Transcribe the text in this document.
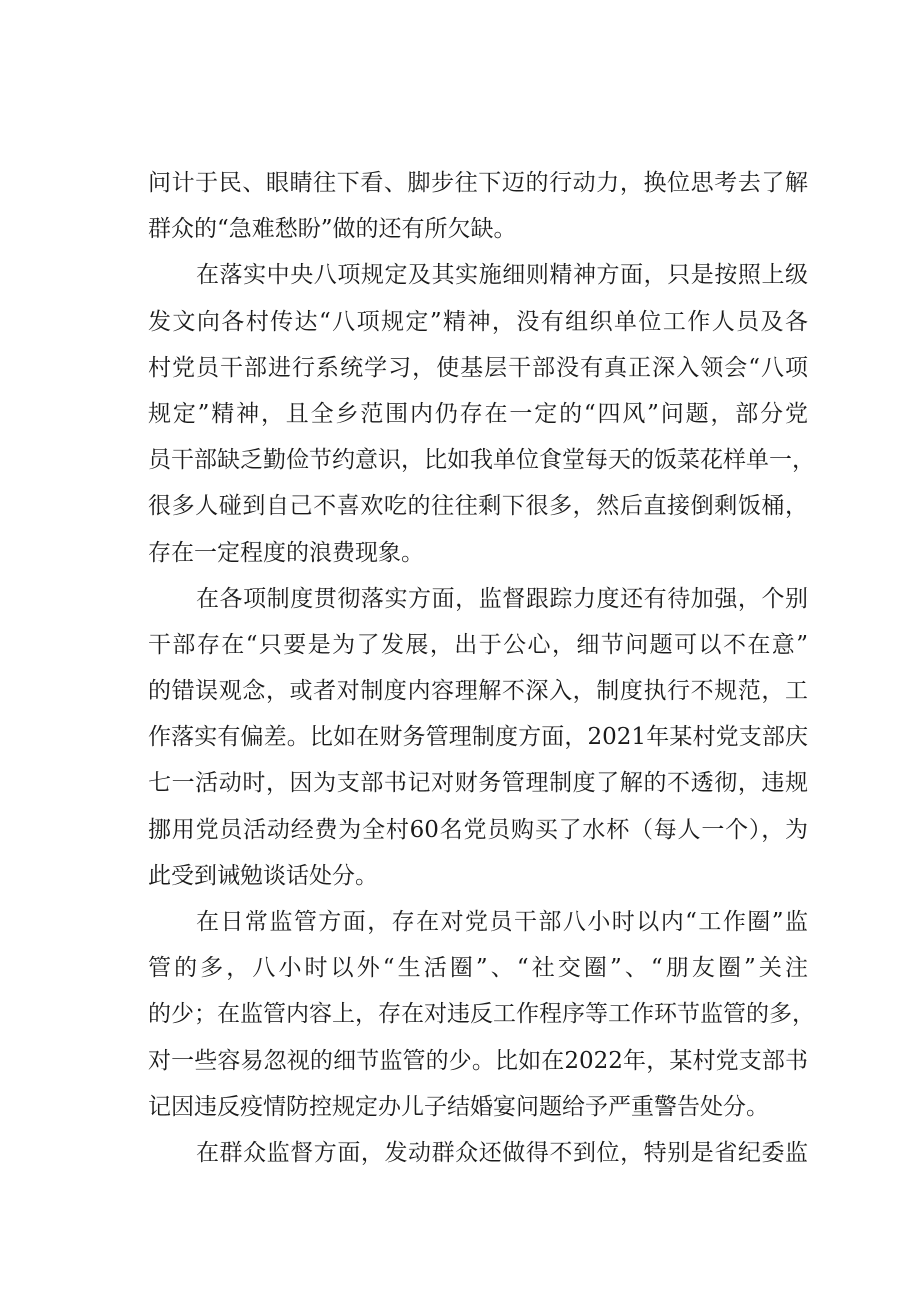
问计于民、眼睛往下看、脚步往下迈的行动力，换位思考去了解
群众的“急难愁盼”做的还有所欠缺。
在落实中央八项规定及其实施细则精神方面，只是按照上级
发文向各村传达“八项规定”精神，没有组织单位工作人员及各
村党员干部进行系统学习，使基层干部没有真正深入领会“八项
规定”精神，且全乡范围内仍存在一定的“四风”问题，部分党
员干部缺乏勤俭节约意识，比如我单位食堂每天的饭菜花样单一，
很多人碰到自己不喜欢吃的往往剩下很多，然后直接倒剩饭桶，
存在一定程度的浪费现象。
在各项制度贯彻落实方面，监督跟踪力度还有待加强，个别
干部存在“只要是为了发展，出于公心，细节问题可以不在意”
的错误观念，或者对制度内容理解不深入，制度执行不规范，工
作落实有偏差。比如在财务管理制度方面，2021年某村党支部庆
七一活动时，因为支部书记对财务管理制度了解的不透彻，违规
挪用党员活动经费为全村60名党员购买了水杯（每人一个），为
此受到诫勉谈话处分。
在日常监管方面，存在对党员干部八小时以内“工作圈”监
管的多，八小时以外“生活圈”、“社交圈”、“朋友圈”关注
的少；在监管内容上，存在对违反工作程序等工作环节监管的多，
对一些容易忽视的细节监管的少。比如在2022年，某村党支部书
记因违反疫情防控规定办儿子结婚宴问题给予严重警告处分。
在群众监督方面，发动群众还做得不到位，特别是省纪委监
